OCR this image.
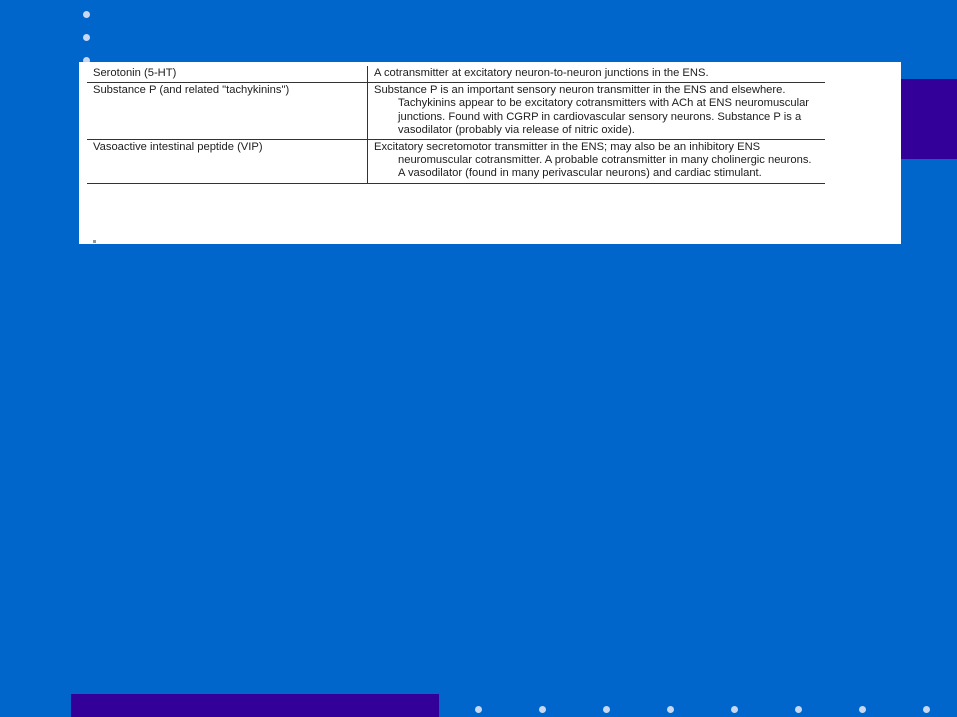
Serotonin (5-HT)	A cotransmitter at excitatory neuron-to-neuron junctions in the ENS.

Substance P (and related "tachykinins")	Substance P is an important sensory neuron transmitter in the ENS and elsewhere. Tachykinins appear to be excitatory cotransmitters with ACh at ENS neuromuscular junctions. Found with CGRP in cardiovascular sensory neurons. Substance P is a vasodilator (probably via release of nitric oxide).

Vasoactive intestinal peptide (VIP)	Excitatory secretomotor transmitter in the ENS; may also be an inhibitory ENS neuromuscular cotransmitter. A probable cotransmitter in many cholinergic neurons. A vasodilator (found in many perivascular neurons) and cardiac stimulant.
